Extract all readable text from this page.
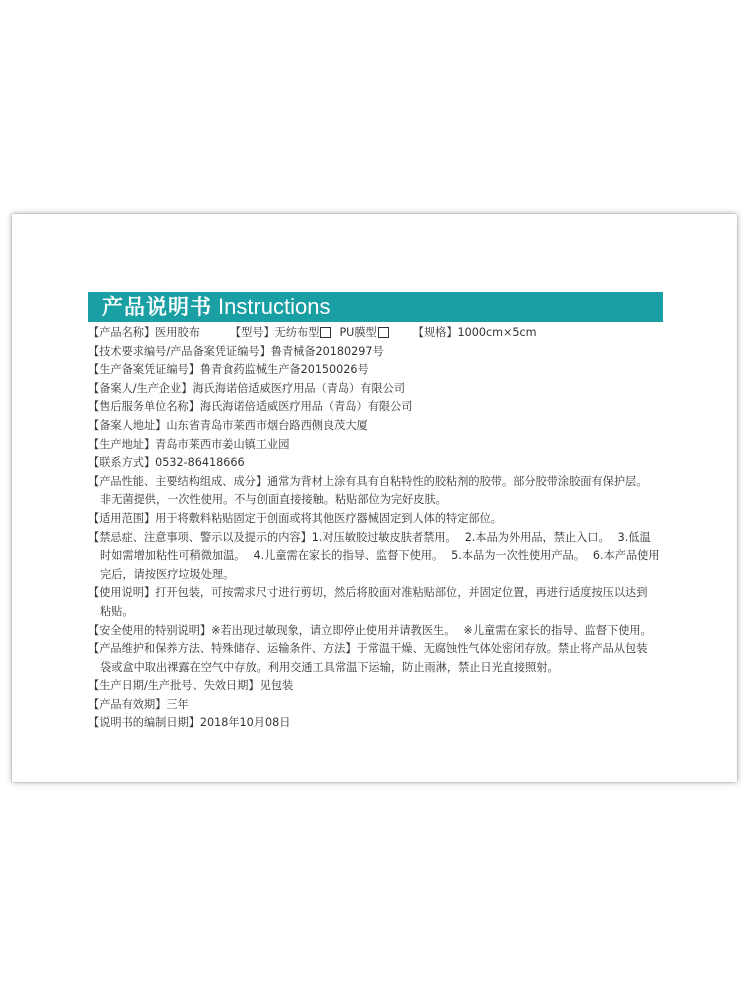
产品说明书 Instructions
【产品名称】医用胶布	【型号】无纺布型 PU膜型	【规格】1000cm×5cm
【技术要求编号/产品备案凭证编号】鲁青械备20180297号
【生产备案凭证编号】鲁青食药监械生产备20150026号
【备案人/生产企业】海氏海诺倍适威医疗用品（青岛）有限公司
【售后服务单位名称】海氏海诺倍适威医疗用品（青岛）有限公司
【备案人地址】山东省青岛市莱西市烟台路西侧良茂大厦
【生产地址】青岛市莱西市姜山镇工业园
【联系方式】0532-86418666
【产品性能、主要结构组成、成分】通常为背材上涂有具有自粘特性的胶粘剂的胶带。部分胶带涂胶面有保护层。
非无菌提供，一次性使用。不与创面直接接触。粘贴部位为完好皮肤。
【适用范围】用于将敷料粘贴固定于创面或将其他医疗器械固定到人体的特定部位。
【禁忌症、注意事项、警示以及提示的内容】1.对压敏胶过敏皮肤者禁用。 2.本品为外用品，禁止入口。 3.低温
时如需增加粘性可稍微加温。 4.儿童需在家长的指导、监督下使用。 5.本品为一次性使用产品。 6.本产品使用
完后，请按医疗垃圾处理。
【使用说明】打开包装，可按需求尺寸进行剪切，然后将胶面对准粘贴部位，并固定位置，再进行适度按压以达到
粘贴。
【安全使用的特别说明】※若出现过敏现象，请立即停止使用并请教医生。 ※儿童需在家长的指导、监督下使用。
【产品维护和保养方法、特殊储存、运输条件、方法】于常温干燥、无腐蚀性气体处密闭存放。禁止将产品从包装
袋或盒中取出裸露在空气中存放。利用交通工具常温下运输，防止雨淋，禁止日光直接照射。
【生产日期/生产批号、失效日期】见包装
【产品有效期】三年
【说明书的编制日期】2018年10月08日
